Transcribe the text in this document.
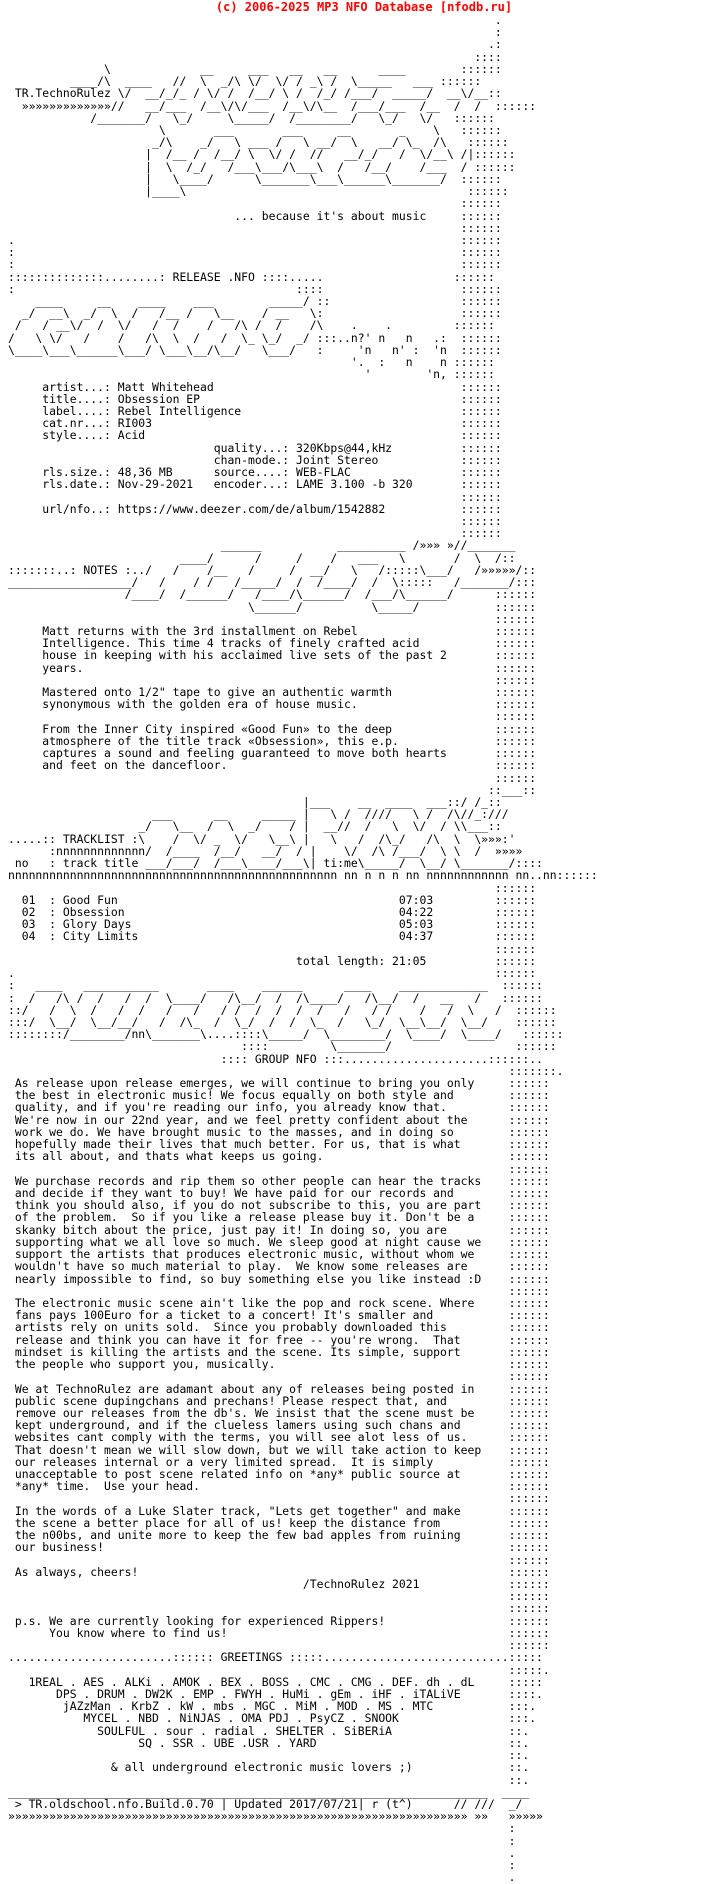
(c) 2006-2025 MP3 NFO Database [nfodb.ru]
.
:
.:
::::
\             __     ___   __   __      ____        ::::::
____/\  ____   //  \  _/\ \/  \/ / _\ /  \_____   ___ ::::::
TR.TechnoRulez \/  __/_/_ / \/ /  /__/ \ /  /_/ /___/  _____/  __\/__::
»»»»»»»»»»»»»//   __/___  /__\/\/___  /__\/\__  /___/___  /__  /  /  ::::::
/_______/   \_/     \_____/  /________/   \_/   \/   ::::::
\       ___       ___     __       _    \   ::::::
_/\    _/   \ ___ /   \ __/  \   __/ \_  /\   ::::::
|  /__ /  /__/ \  \/ /  //   __/_/   /  \/__\ /|::::::
|  \  /_/   /___\___/\___\  /   /__/    /___  / ::::::
|   \____/      \_______\___\______\_______/  ::::::
|____\                                         ::::::
::::::
... because it's about music     ::::::
::::::
.                                                                 ::::::
:                                                                 ::::::
:                                                                 ::::::
::::::::::::::........: RELEASE .NFO ::::.....                   ::::::
:                                         ::::                    ::::::
____     __    ____    ___        _____/ ::                   ::::::
_/  __\  _/  \  /   /__ /   \__    / __   \:                    ::::::
/   / __\/  /  \/   /  /    /   /\ /  /    /\    .    .         ::::::
/   \ \/   /    /   /\  \  /   /  \_ \_/  _/ :::..n?' n   n   .:  ::::::
\____\___\______\___/ \___\__/\__/   \___/   :     'n   n' :  'n  ::::::
'.  :   n    n ::::::
'        'n, ::::::
artist...: Matt Whitehead                                    ::::::
title....: Obsession EP                                      ::::::
label....: Rebel Intelligence                                ::::::
cat.nr...: RI003                                             ::::::
style....: Acid                                              ::::::
quality...: 320Kbps@44,kHz          ::::::
chan-mode.: Joint Stereo            ::::::
rls.size.: 48,36 MB      source....: WEB-FLAC                ::::::
rls.date.: Nov-29-2021   encoder...: LAME 3.100 -b 320       ::::::
::::::
url/nfo..: https://www.deezer.com/de/album/1542882           ::::::
::::::
::::::
______           __________ /»»» »//_______
____/      /     /    /   ___   \       /  \  /::
:::::::..: NOTES :../   /    /__   /     /  __/   \   /:::::\___/   /»»»»»/::
__________________/   /    / /   /_____/  /  /____/  /  \:::::   /_______/:::
/____/  /______/   /____/\______/  /___/\______/      ::::::
\______/          \_____/           ::::::
::::::
Matt returns with the 3rd installment on Rebel                    ::::::
Intelligence. This time 4 tracks of finely crafted acid           ::::::
house in keeping with his acclaimed live sets of the past 2       ::::::
years.                                                            ::::::
::::::
Mastered onto 1/2" tape to give an authentic warmth               ::::::
synonymous with the golden era of house music.                    ::::::
::::::
From the Inner City inspired «Good Fun» to the deep               ::::::
atmosphere of the title track «Obsession», this e.p.              ::::::
captures a sound and feeling guaranteed to move both hearts       ::::::
and feet on the dancefloor.                                       ::::::
::::::
::___::
|___    __  ____  ___::/ /_::
___      __     _____ |   \ /  ////   \ /  /\//_:///
_/   \__  /  \  _/    / |  __//  /   \  \/  / \\___::
.....:: TRACKLIST :\    /  \/ _  \/   \__\ |   \   /  /\_/   /\  \  \»»»:'
:nnnnnnnnnnnnn/  /____  /__/   __/  / |    \/  /\ /___/  \ \  /  »»»»
no   : track title ___/___/  /___\____/___\| ti:me\_____/  \__/ \_______/::::
nnnnnnnnnnnnnnnnnnnnnnnnnnnnnnnnnnnnnnnnnnnnnnnn nn n n n nn nnnnnnnnnnnn nn..nn::::::
::::::
01  : Good Fun                                         07:03         ::::::
02  : Obsession                                        04:22         ::::::
03  : Glory Days                                       05:03         ::::::
04  : City Limits                                      04:37         ::::::
::::::
total length: 21:05          ::::::
.                                                                      ::::::
:   ____   ___________       ____    ______      ____    _____________  ::::::
:  /   /\ /  /   /  /  \____/   /\__/  /  /\____/   /\__/  /   __   /   ::::::
::/   /  \  /   /  /   /   /   / /  /  /  /  /   /   / /    /   /  \   /  ::::::
:::/  \__/  \__/__/   /  /\_  /  \_/  /  /  \_  /   \_/  \__\__/  \__/    ::::::
::::::::/________/nn\_______\....::::\_____/  \________/  \____/  \____/   ::::::
::::         \_______/                  ::::::
:::: GROUP NFO :::.....................::::::..
:::::::.
As release upon release emerges, we will continue to bring you only     ::::::
the best in electronic music! We focus equally on both style and        ::::::
quality, and if you're reading our info, you already know that.         ::::::
We're now in our 22nd year, and we feel pretty confident about the      ::::::
work we do. We have brought music to the masses, and in doing so        ::::::
hopefully made their lives that much better. For us, that is what       ::::::
its all about, and thats what keeps us going.                           ::::::
::::::
We purchase records and rip them so other people can hear the tracks    ::::::
and decide if they want to buy! We have paid for our records and        ::::::
think you should also, if you do not subscribe to this, you are part    ::::::
of the problem.  So if you like a release please buy it. Don't be a     ::::::
skanky bitch about the price, just pay it! In doing so, you are         ::::::
supporting what we all love so much. We sleep good at night cause we    ::::::
support the artists that produces electronic music, without whom we     ::::::
wouldn't have so much material to play.  We know some releases are      ::::::
nearly impossible to find, so buy something else you like instead :D    ::::::
::::::
The electronic music scene ain't like the pop and rock scene. Where     ::::::
fans pays 100Euro for a ticket to a concert! It's smaller and           ::::::
artists rely on units sold.  Since you probably downloaded this         ::::::
release and think you can have it for free -- you're wrong.  That       ::::::
mindset is killing the artists and the scene. Its simple, support       ::::::
the people who support you, musically.                                  ::::::
::::::
We at TechnoRulez are adamant about any of releases being posted in     ::::::
public scene dupingchans and prechans! Please respect that, and         ::::::
remove our releases from the db's. We insist that the scene must be     ::::::
kept underground, and if the clueless lamers using such chans and       ::::::
websites cant comply with the terms, you will see alot less of us.      ::::::
That doesn't mean we will slow down, but we will take action to keep    ::::::
our releases internal or a very limited spread.  It is simply           ::::::
unacceptable to post scene related info on *any* public source at       ::::::
*any* time.  Use your head.                                             ::::::
::::::
In the words of a Luke Slater track, "Lets get together" and make       ::::::
the scene a better place for all of us! keep the distance from          ::::::
the n00bs, and unite more to keep the few bad apples from ruining       ::::::
our business!                                                           ::::::
::::::
As always, cheers!                                                      ::::::
/TechnoRulez 2021             ::::::
::::::
::::::
p.s. We are currently looking for experienced Rippers!                  ::::::
You know where to find us!                                         ::::::
::::::
........................:::::: GREETINGS :::::...........................:::::
:::::.
1REAL . AES . ALKi . AMOK . BEX . BOSS . CMC . CMG . DEF. dh . dL     :::::
DPS . DRUM . DW2K . EMP . FWYH . HuMi . gEm . iHF . iTALiVE       ::::.
jAZzMan . KrbZ . kW . mbs . MGC . MiM . MOD . MS . MTC           :::.
MYCEL . NBD . NiNJAS . OMA PDJ . PsyCZ . SNOOK                :::.
SOULFUL . sour . radial . SHELTER . SiBERiA                 ::.
SQ . SSR . UBE .USR . YARD                            ::.
::.
& all underground electronic music lovers ;)              ::.
::.
______________________________________________________________________  ____
> TR.oldschool.nfo.Build.0.70 | Updated 2017/07/21| r (t^)      // ///  _/
»»»»»»»»»»»»»»»»»»»»»»»»»»»»»»»»»»»»»»»»»»»»»»»»»»»»»»»»»»»»»»»»»»» »»   »»»»»
:
:
.
:
.
